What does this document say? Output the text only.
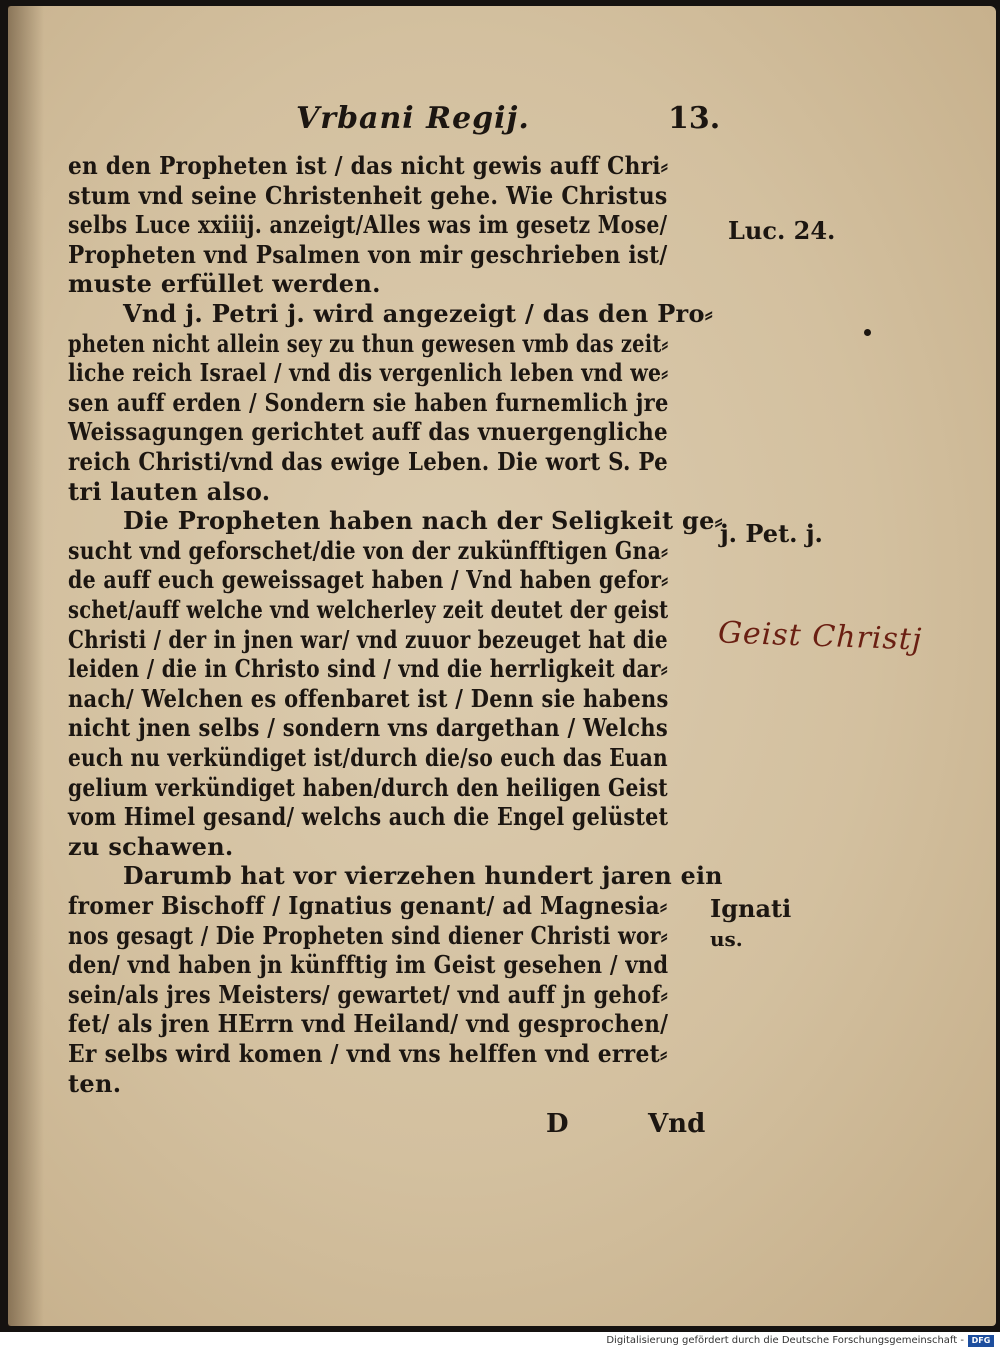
Vrbani Regij.	13.
en den Propheten ist / das nicht gewis auff Chri⸗
stum vnd seine Christenheit gehe. Wie Christus
selbs Luce xxiiij. anzeigt/Alles was im gesetz Mose/
Propheten vnd Psalmen von mir geschrieben ist/
muste erfüllet werden.
Vnd j. Petri j. wird angezeigt / das den Pro⸗
pheten nicht allein sey zu thun gewesen vmb das zeit⸗
liche reich Israel / vnd dis vergenlich leben vnd we⸗
sen auff erden / Sondern sie haben furnemlich jre
Weissagungen gerichtet auff das vnuergengliche
reich Christi/vnd das ewige Leben. Die wort S. Pe
tri lauten also.
Die Propheten haben nach der Seligkeit ge⸗
sucht vnd geforschet/die von der zukünfftigen Gna⸗
de auff euch geweissaget haben / Vnd haben gefor⸗
schet/auff welche vnd welcherley zeit deutet der geist
Christi / der in jnen war/ vnd zuuor bezeuget hat die
leiden / die in Christo sind / vnd die herrligkeit dar⸗
nach/ Welchen es offenbaret ist / Denn sie habens
nicht jnen selbs / sondern vns dargethan / Welchs
euch nu verkündiget ist/durch die/so euch das Euan
gelium verkündiget haben/durch den heiligen Geist
vom Himel gesand/ welchs auch die Engel gelüstet
zu schawen.
Darumb hat vor vierzehen hundert jaren ein
fromer Bischoff / Ignatius genant/ ad Magnesia⸗
nos gesagt / Die Propheten sind diener Christi wor⸗
den/ vnd haben jn künfftig im Geist gesehen / vnd
sein/als jres Meisters/ gewartet/ vnd auff jn gehof⸗
fet/ als jren HErrn vnd Heiland/ vnd gesprochen/
Er selbs wird komen / vnd vns helffen vnd erret⸗
ten.
Luc. 24.
j. Pet. j.
Geist Christj
Ignati
us.
D	Vnd
Digitalisierung gefördert durch die Deutsche Forschungsgemeinschaft - DFG
